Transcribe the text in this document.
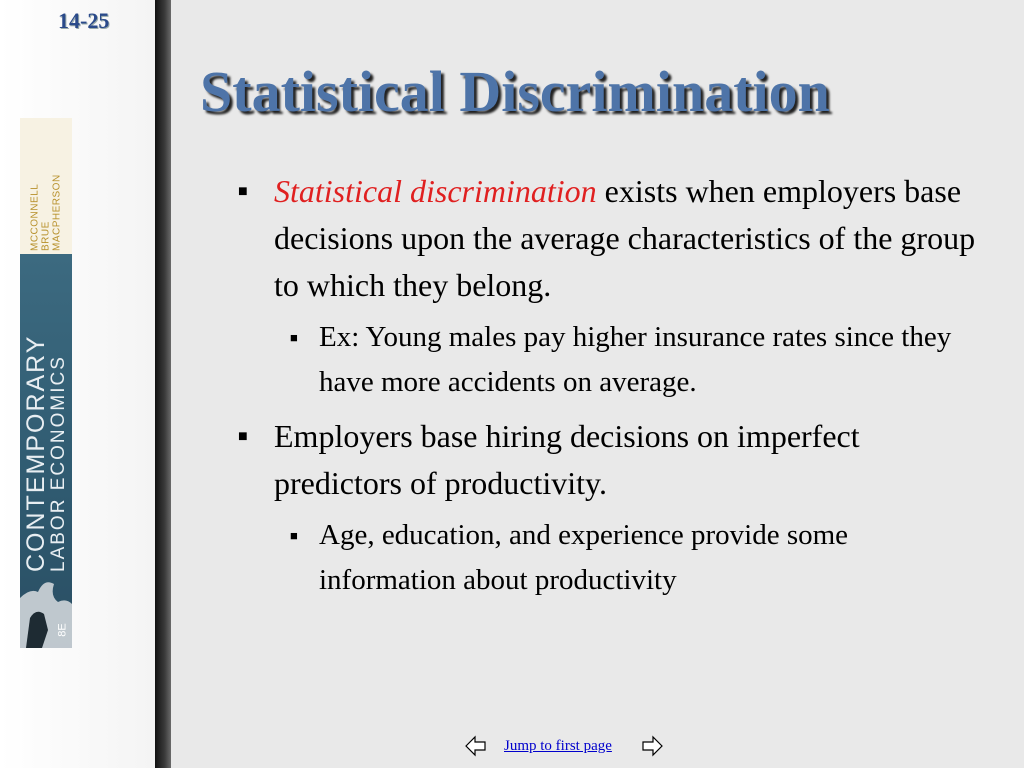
14-25
MCCONNELL BRUE MACPHERSON
CONTEMPORARY
LABOR ECONOMICS
8E
Statistical Discrimination
■ Statistical discrimination exists when employers base decisions upon the average characteristics of the group to which they belong.
■ Ex: Young males pay higher insurance rates since they have more accidents on average.
■ Employers base hiring decisions on imperfect predictors of productivity.
■ Age, education, and experience provide some information about productivity
Jump to first page
